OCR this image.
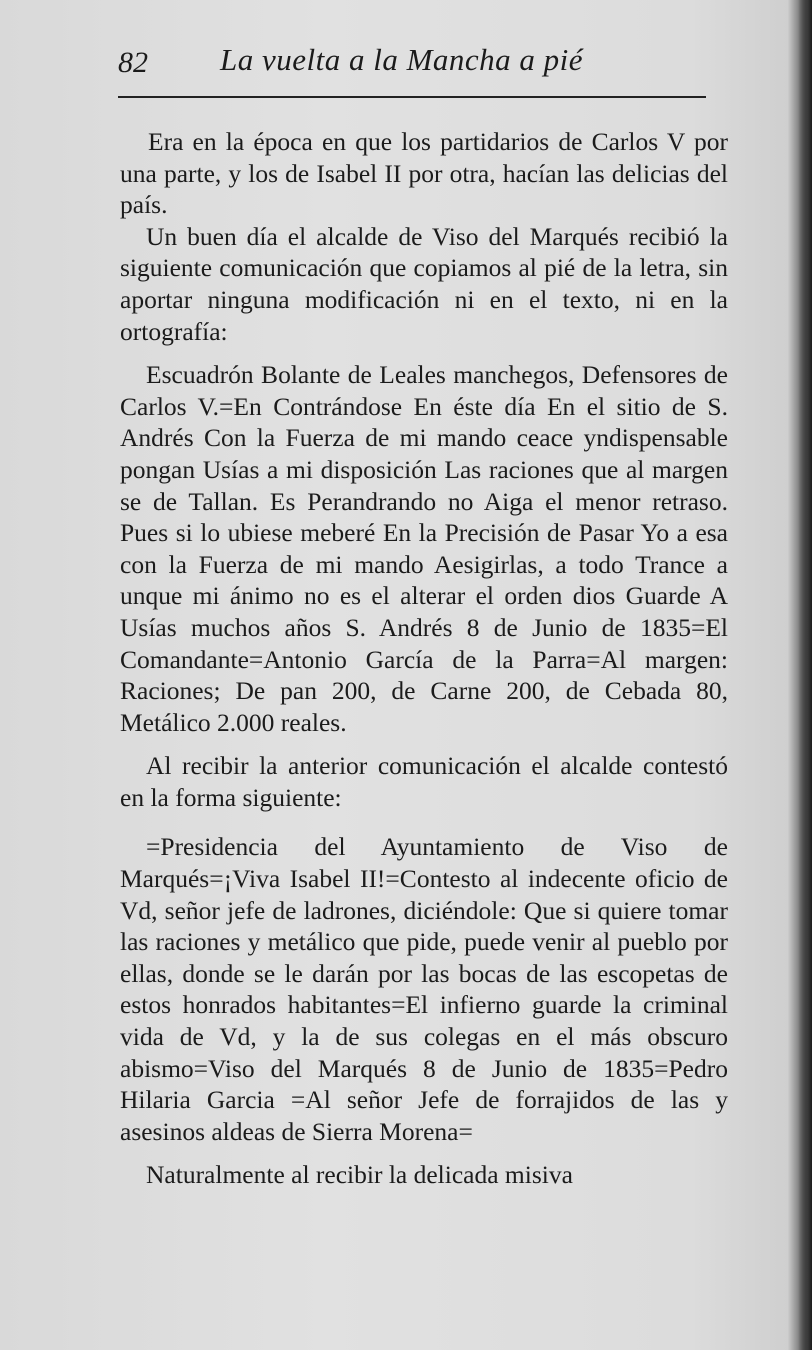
82 La vuelta a la Mancha a pié

Era en la época en que los partidarios de Carlos V por una parte, y los de Isabel II por otra, hacían las delicias del país.

Un buen día el alcalde de Viso del Marqués recibió la siguiente comunicación que copiamos al pié de la letra, sin aportar ninguna modificación ni en el texto, ni en la ortografía:

Escuadrón Bolante de Leales manchegos, Defensores de Carlos V.=En Contrándose En éste día En el sitio de S. Andrés Con la Fuerza de mi mando ceace yndispensable pongan Usías a mi disposición Las raciones que al margen se de Tallan. Es Perandrando no Aiga el menor retraso. Pues si lo ubiese meberé En la Precisión de Pasar Yo a esa con la Fuerza de mi mando Aesigirlas, a todo Trance a unque mi ánimo no es el alterar el orden dios Guarde A Usías muchos años S. Andrés 8 de Junio de 1835=El Comandante=Antonio García de la Parra=Al margen: Raciones; De pan 200, de Carne 200, de Cebada 80, Metálico 2.000 reales.

Al recibir la anterior comunicación el alcalde contestó en la forma siguiente:

=Presidencia del Ayuntamiento de Viso de Marqués=¡Viva Isabel II!=Contesto al indecente oficio de Vd, señor jefe de ladrones, diciéndole: Que si quiere tomar las raciones y metálico que pide, puede venir al pueblo por ellas, donde se le darán por las bocas de las escopetas de estos honrados habitantes=El infierno guarde la criminal vida de Vd, y la de sus colegas en el más obscuro abismo=Viso del Marqués 8 de Junio de 1835=Pedro Hilaria Garcia =Al señor Jefe de forrajidos de las y asesinos aldeas de Sierra Morena=

Naturalmente al recibir la delicada misiva
